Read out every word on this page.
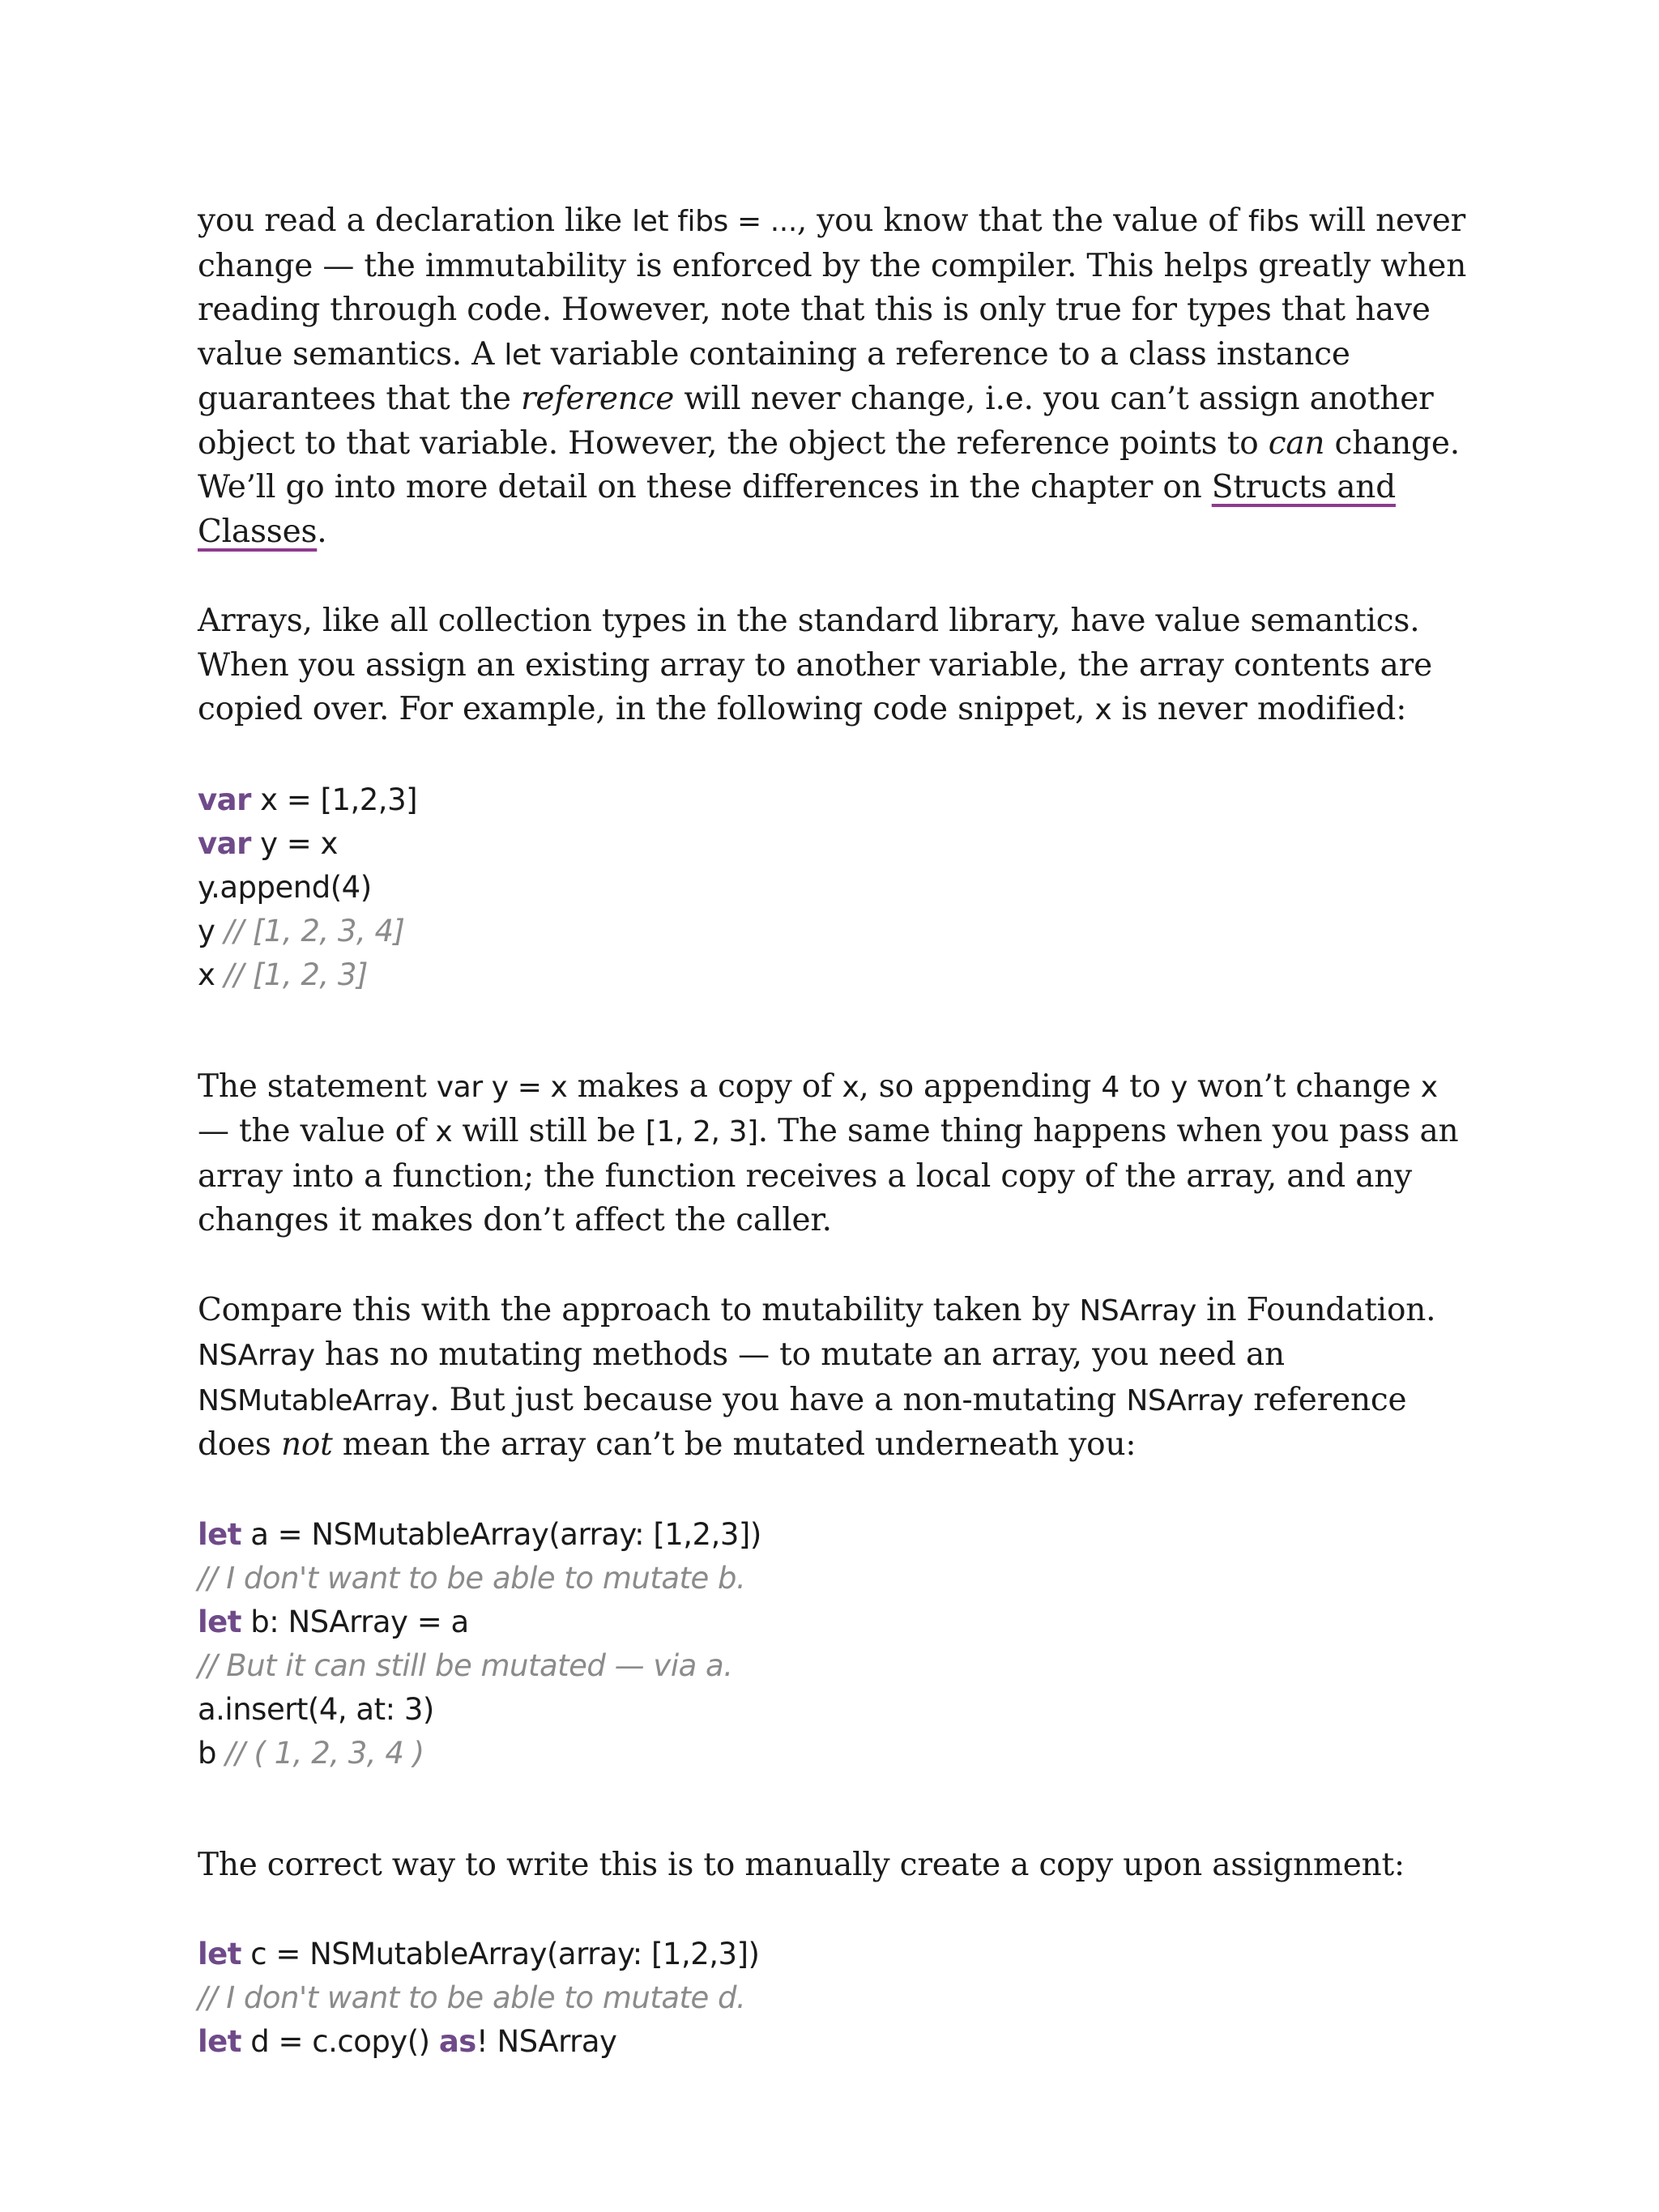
you read a declaration like let fibs = ..., you know that the value of fibs will never change — the immutability is enforced by the compiler. This helps greatly when reading through code. However, note that this is only true for types that have value semantics. A let variable containing a reference to a class instance guarantees that the reference will never change, i.e. you can’t assign another object to that variable. However, the object the reference points to can change. We’ll go into more detail on these differences in the chapter on Structs and Classes.

Arrays, like all collection types in the standard library, have value semantics. When you assign an existing array to another variable, the array contents are copied over. For example, in the following code snippet, x is never modified:

var x = [1,2,3]
var y = x
y.append(4)
y // [1, 2, 3, 4]
x // [1, 2, 3]

The statement var y = x makes a copy of x, so appending 4 to y won’t change x — the value of x will still be [1, 2, 3]. The same thing happens when you pass an array into a function; the function receives a local copy of the array, and any changes it makes don’t affect the caller.

Compare this with the approach to mutability taken by NSArray in Foundation. NSArray has no mutating methods — to mutate an array, you need an NSMutableArray. But just because you have a non-mutating NSArray reference does not mean the array can’t be mutated underneath you:

let a = NSMutableArray(array: [1,2,3])
// I don't want to be able to mutate b.
let b: NSArray = a
// But it can still be mutated — via a.
a.insert(4, at: 3)
b // ( 1, 2, 3, 4 )

The correct way to write this is to manually create a copy upon assignment:

let c = NSMutableArray(array: [1,2,3])
// I don't want to be able to mutate d.
let d = c.copy() as! NSArray
